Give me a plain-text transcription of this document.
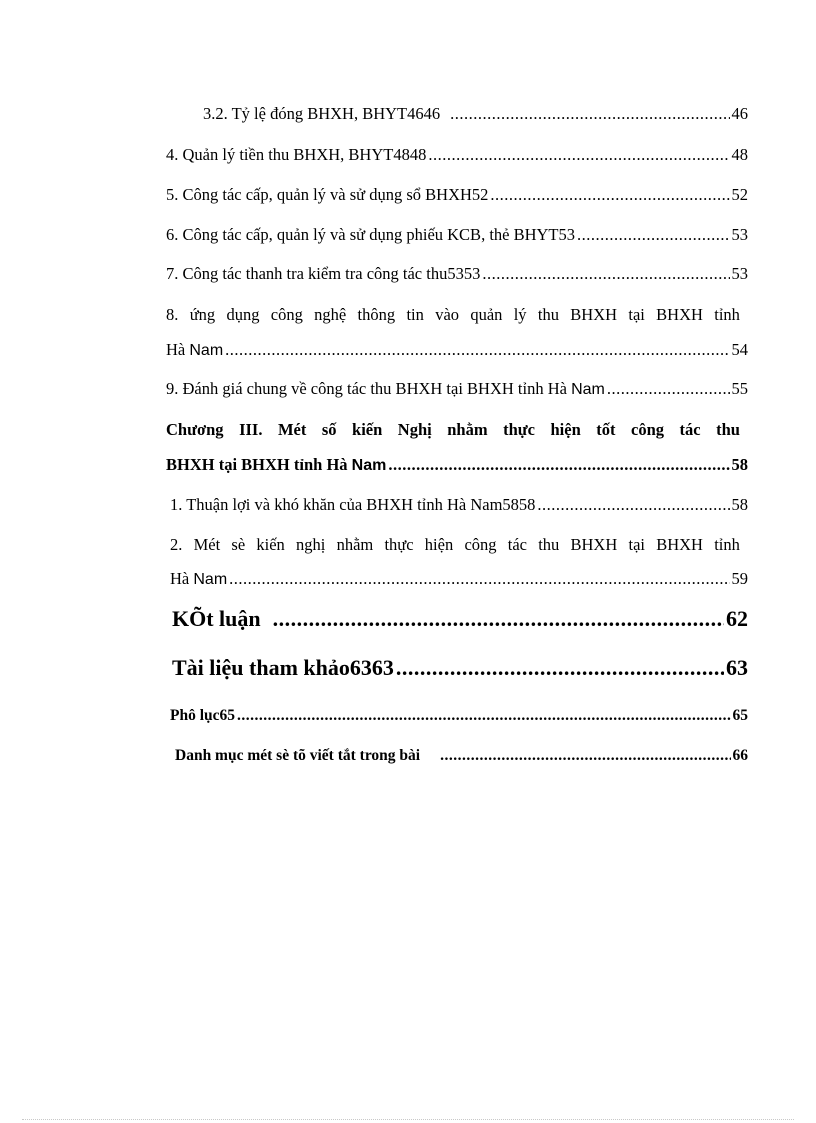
3.2. Tỷ lệ đóng BHXH, BHYT4646 .....	46
4. Quản lý tiền thu BHXH, BHYT4848 .....	48
5. Công tác cấp, quản lý và sử dụng sổ BHXH52 .....	52
6. Công tác cấp, quản lý và sử dụng phiếu KCB, thẻ BHYT53 .....	53
7. Công tác thanh tra kiểm tra công tác thu5353 .....	53
8. ứng dụng công nghệ thông tin vào quản lý thu BHXH tại BHXH tỉnh
Hà Nam .....	54
9. Đánh giá chung về công tác thu BHXH tại BHXH tỉnh Hà Nam .....	55
Chương III. Mét số kiến Nghị nhằm thực hiện tốt công tác thu
BHXH tại BHXH tỉnh Hà Nam .....	58
1. Thuận lợi và khó khăn của BHXH tỉnh Hà Nam5858 .....	58
2. Mét sè kiến nghị nhằm thực hiện công tác thu BHXH tại BHXH tỉnh
Hà Nam .....	59
KÕt luận .....	62
Tài liệu tham khảo6363 .....	63
Phô lục65 .....	65
Danh mục mét sè tõ viết tắt trong bài .....	66
